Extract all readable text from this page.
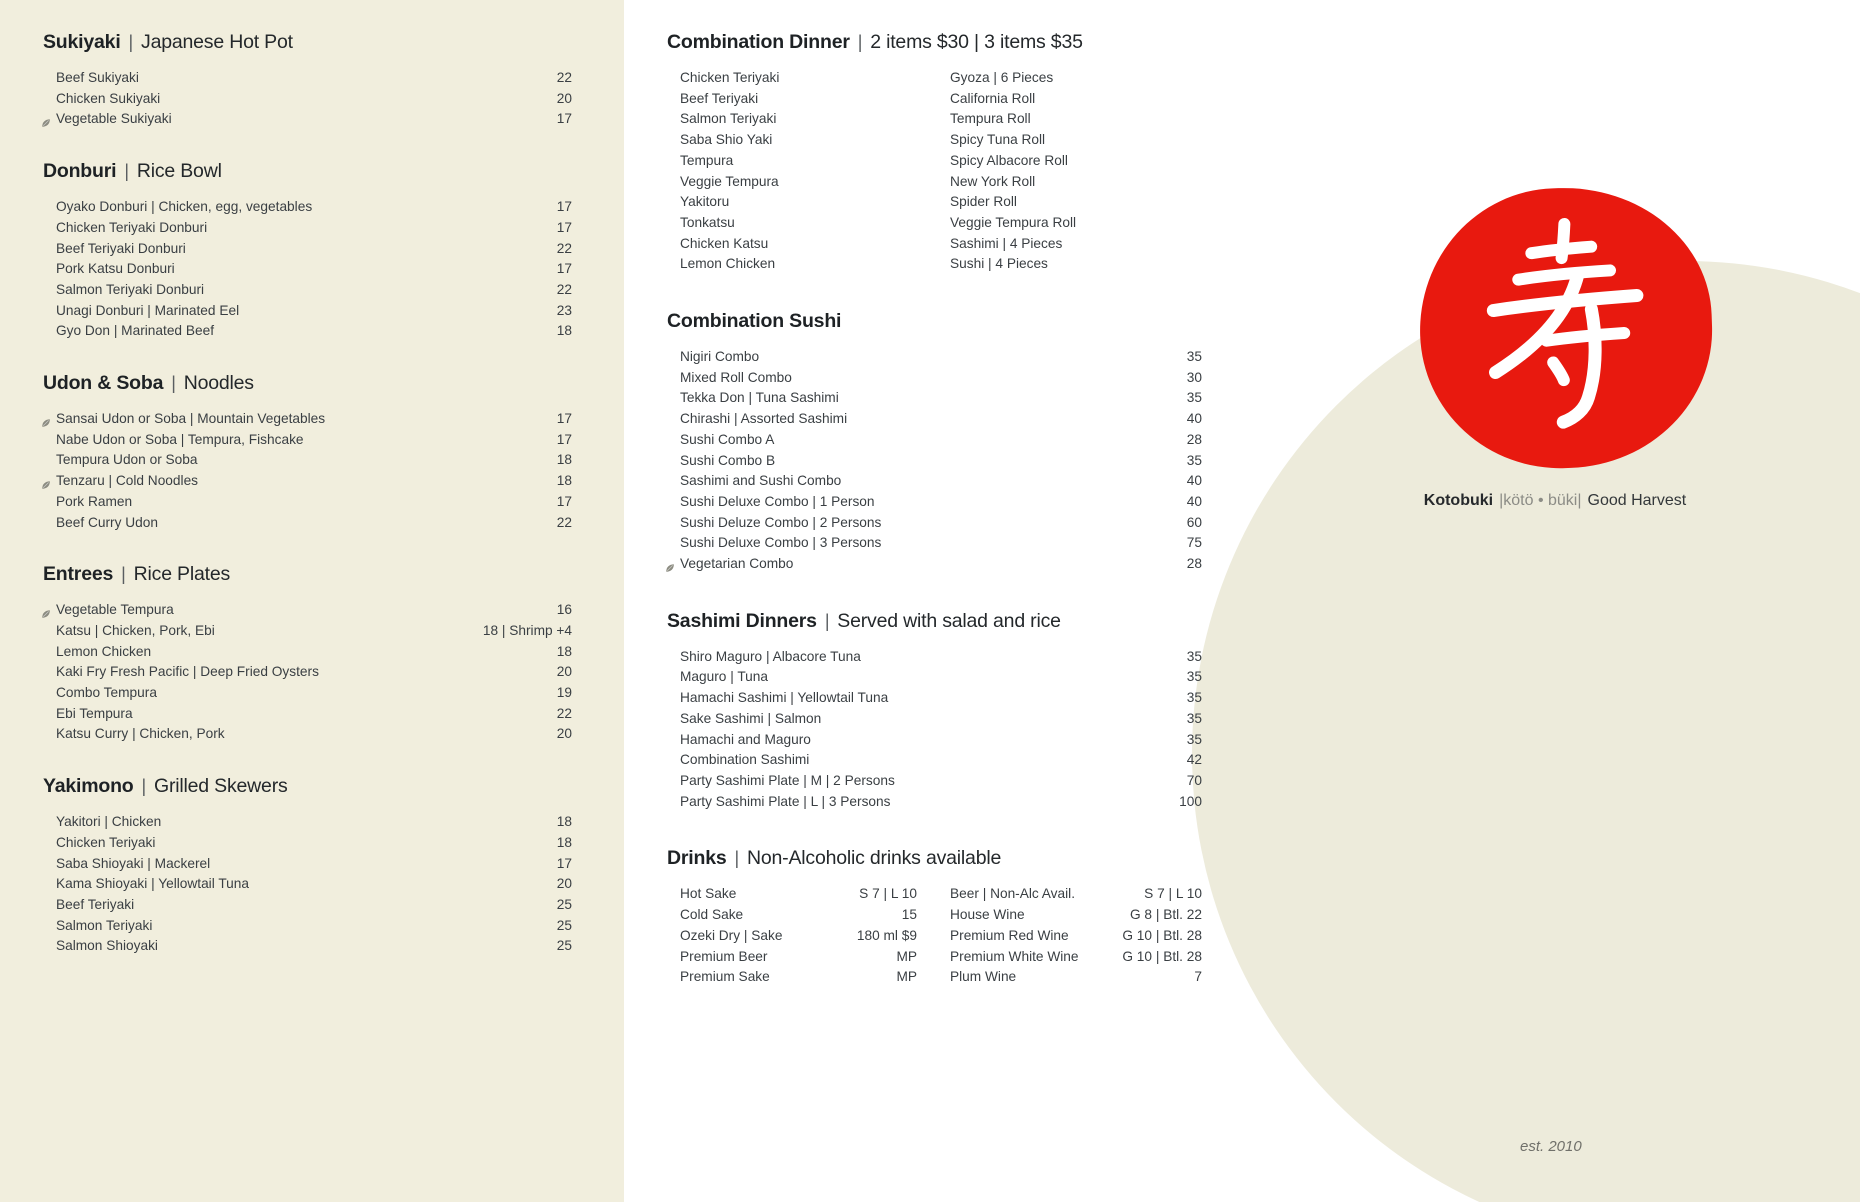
Sukiyaki | Japanese Hot Pot
Beef Sukiyaki	22
Chicken Sukiyaki	20
Vegetable Sukiyaki	17
Donburi | Rice Bowl
Oyako Donburi | Chicken, egg, vegetables	17
Chicken Teriyaki Donburi	17
Beef Teriyaki Donburi	22
Pork Katsu Donburi	17
Salmon Teriyaki Donburi	22
Unagi Donburi | Marinated Eel	23
Gyo Don | Marinated Beef	18
Udon & Soba | Noodles
Sansai Udon or Soba | Mountain Vegetables	17
Nabe Udon or Soba | Tempura, Fishcake	17
Tempura Udon or Soba	18
Tenzaru | Cold Noodles	18
Pork Ramen	17
Beef Curry Udon	22
Entrees | Rice Plates
Vegetable Tempura	16
Katsu | Chicken, Pork, Ebi	18 | Shrimp +4
Lemon Chicken	18
Kaki Fry Fresh Pacific | Deep Fried Oysters	20
Combo Tempura	19
Ebi Tempura	22
Katsu Curry | Chicken, Pork	20
Yakimono | Grilled Skewers
Yakitori | Chicken	18
Chicken Teriyaki	18
Saba Shioyaki | Mackerel	17
Kama Shioyaki | Yellowtail Tuna	20
Beef Teriyaki	25
Salmon Teriyaki	25
Salmon Shioyaki	25
Combination Dinner | 2 items $30 | 3 items $35
Chicken Teriyaki
Beef Teriyaki
Salmon Teriyaki
Saba Shio Yaki
Tempura
Veggie Tempura
Yakitoru
Tonkatsu
Chicken Katsu
Lemon Chicken
Gyoza | 6 Pieces
California Roll
Tempura Roll
Spicy Tuna Roll
Spicy Albacore Roll
New York Roll
Spider Roll
Veggie Tempura Roll
Sashimi | 4 Pieces
Sushi | 4 Pieces
Combination Sushi
Nigiri Combo	35
Mixed Roll Combo	30
Tekka Don | Tuna Sashimi	35
Chirashi | Assorted Sashimi	40
Sushi Combo A	28
Sushi Combo B	35
Sashimi and Sushi Combo	40
Sushi Deluxe Combo | 1 Person	40
Sushi Deluze Combo | 2 Persons	60
Sushi Deluxe Combo | 3 Persons	75
Vegetarian Combo	28
Sashimi Dinners | Served with salad and rice
Shiro Maguro | Albacore Tuna	35
Maguro | Tuna	35
Hamachi Sashimi | Yellowtail Tuna	35
Sake Sashimi | Salmon	35
Hamachi and Maguro	35
Combination Sashimi	42
Party Sashimi Plate | M | 2 Persons	70
Party Sashimi Plate | L | 3 Persons	100
Drinks | Non-Alcoholic drinks available
Hot Sake	S 7 | L 10
Cold Sake	15
Ozeki Dry | Sake	180 ml $9
Premium Beer	MP
Premium Sake	MP
Beer | Non-Alc Avail.	S 7 | L 10
House Wine	G 8 | Btl. 22
Premium Red Wine	G 10 | Btl. 28
Premium White Wine	G 10 | Btl. 28
Plum Wine	7
Kotobuki |kötö • büki| Good Harvest
est. 2010
